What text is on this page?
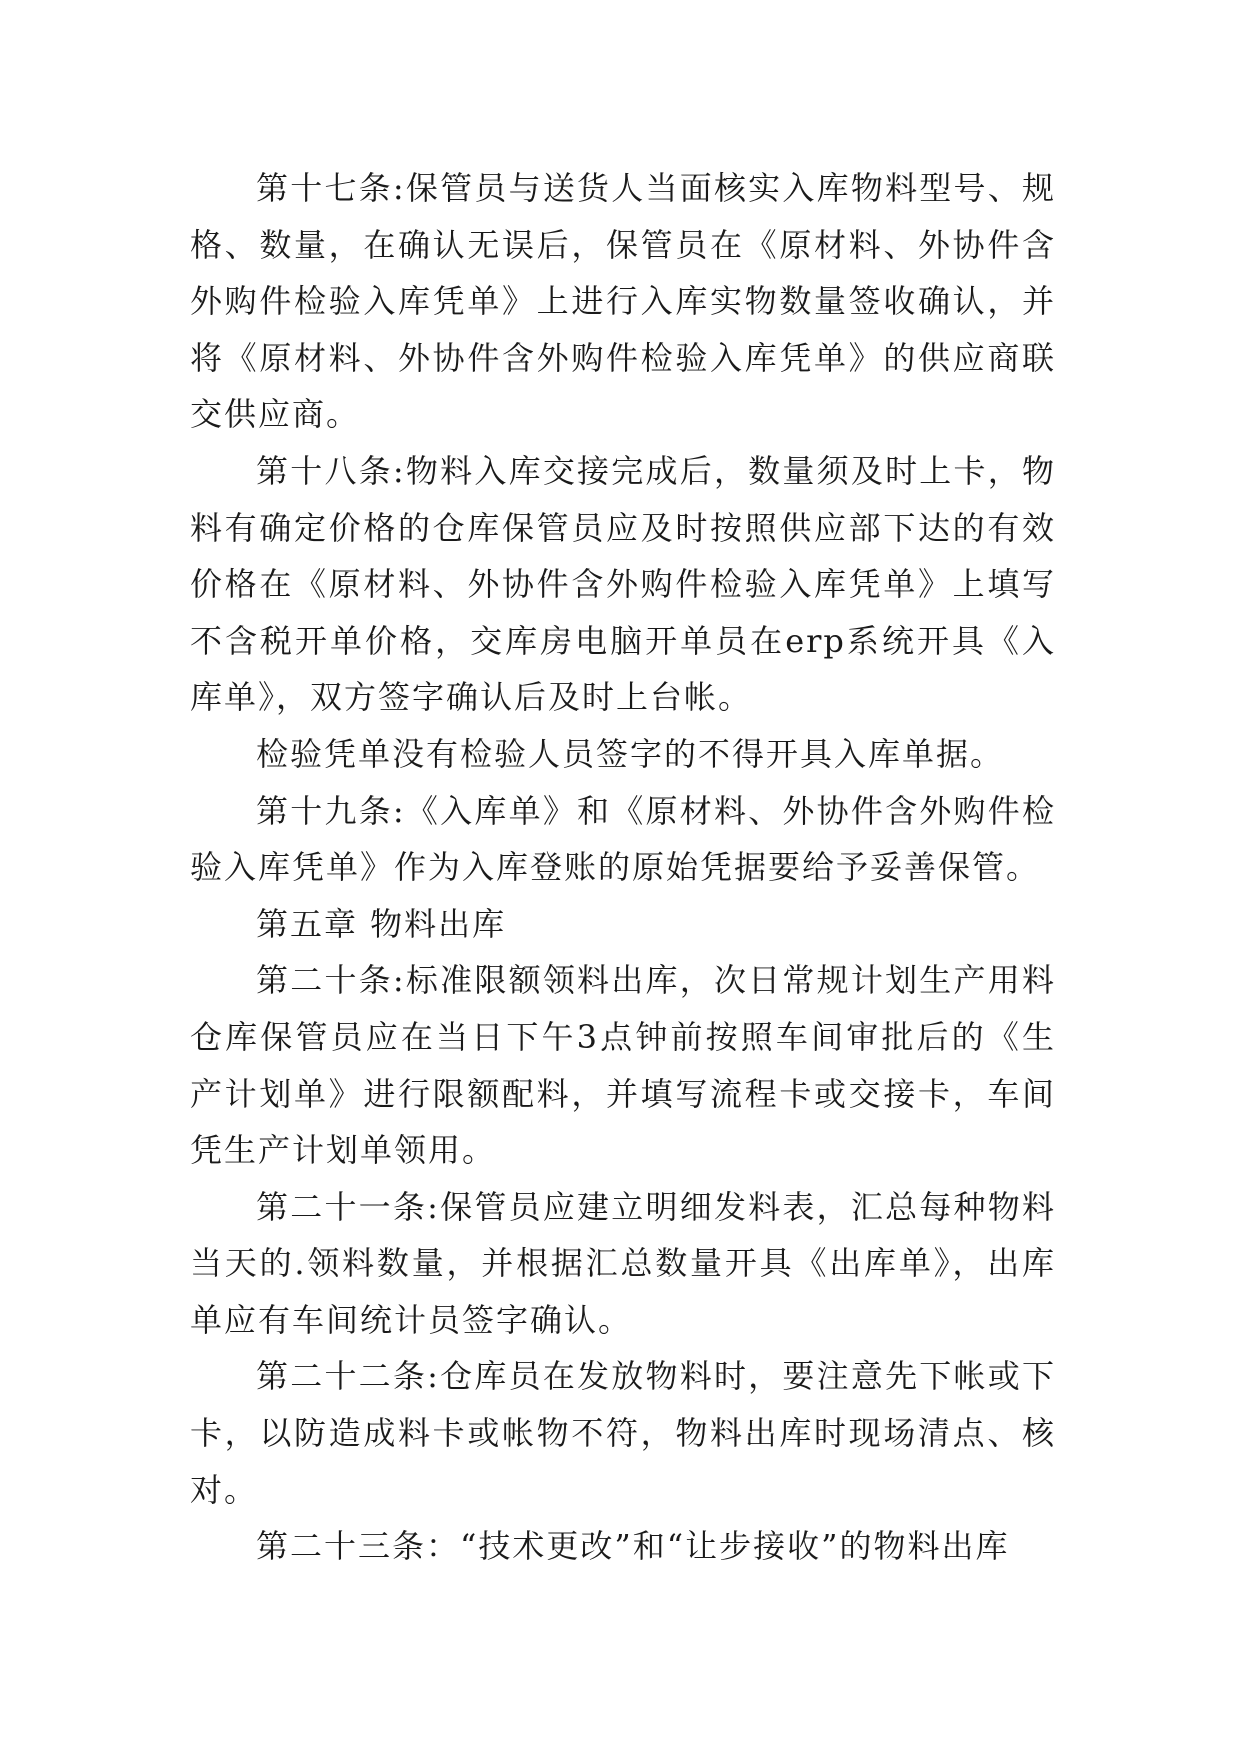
第十七条:保管员与送货人当面核实入库物料型号、规格、数量，在确认无误后，保管员在《原材料、外协件含外购件检验入库凭单》上进行入库实物数量签收确认，并将《原材料、外协件含外购件检验入库凭单》的供应商联交供应商。

第十八条:物料入库交接完成后，数量须及时上卡，物料有确定价格的仓库保管员应及时按照供应部下达的有效价格在《原材料、外协件含外购件检验入库凭单》上填写不含税开单价格，交库房电脑开单员在erp系统开具《入库单》，双方签字确认后及时上台帐。

检验凭单没有检验人员签字的不得开具入库单据。

第十九条:《入库单》和《原材料、外协件含外购件检验入库凭单》作为入库登账的原始凭据要给予妥善保管。

第五章 物料出库

第二十条:标准限额领料出库，次日常规计划生产用料仓库保管员应在当日下午3点钟前按照车间审批后的《生产计划单》进行限额配料，并填写流程卡或交接卡，车间凭生产计划单领用。

第二十一条:保管员应建立明细发料表，汇总每种物料当天的.领料数量，并根据汇总数量开具《出库单》，出库单应有车间统计员签字确认。

第二十二条:仓库员在发放物料时，要注意先下帐或下卡，以防造成料卡或帐物不符，物料出库时现场清点、核对。

第二十三条：“技术更改”和“让步接收”的物料出库
